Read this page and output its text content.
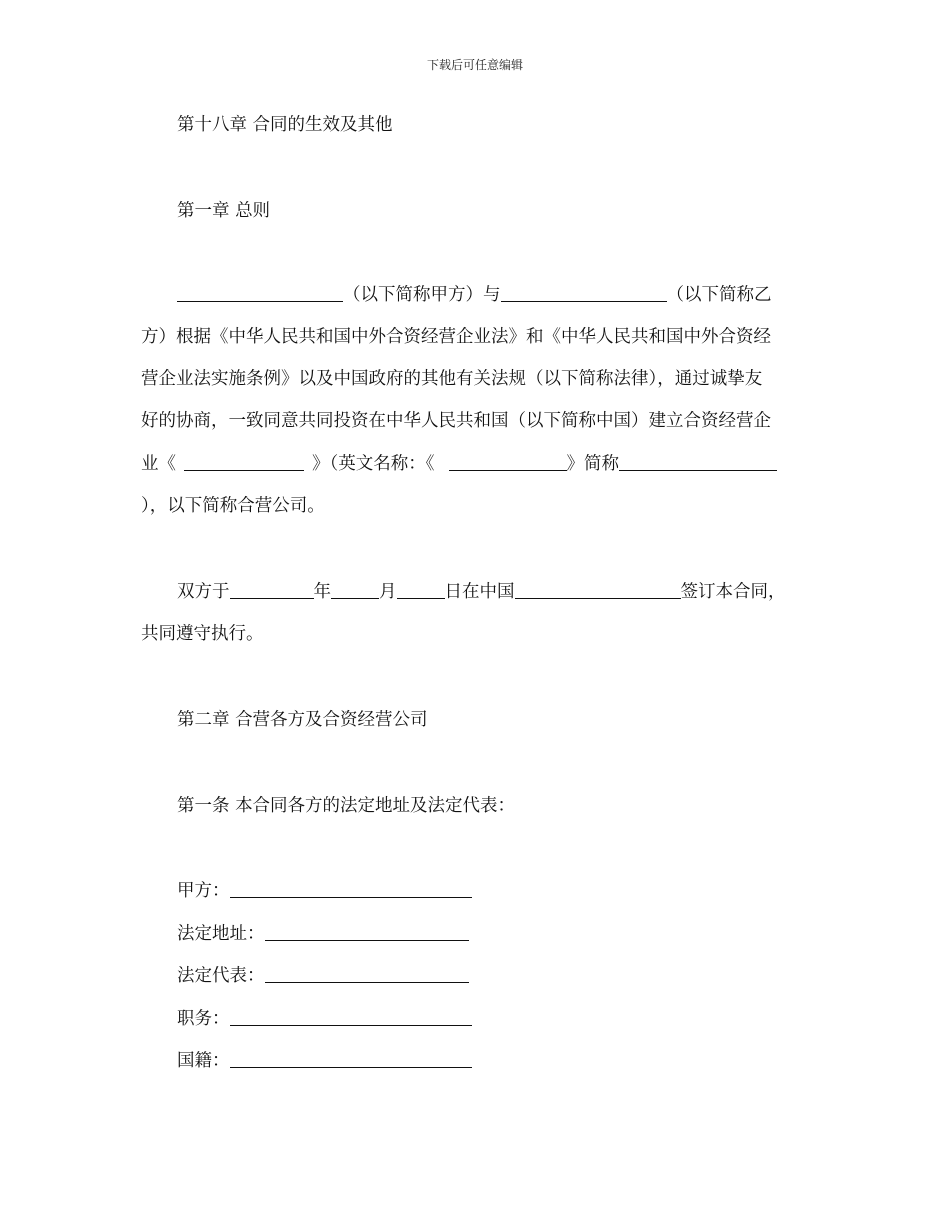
下载后可任意编辑
第十八章 合同的生效及其他
第一章 总则
（以下简称甲方）与	（以下简称乙
方）根据《中华人民共和国中外合资经营企业法》和《中华人民共和国中外合资经
营企业法实施条例》以及中国政府的其他有关法规（以下简称法律），通过诚挚友
好的协商，一致同意共同投资在中华人民共和国（以下简称中国）建立合资经营企
业《	》（英文名称：《	》简称
），以下简称合营公司。
双方于	年	月	日在中国	签订本合同，
共同遵守执行。
第二章 合营各方及合资经营公司
第一条 本合同各方的法定地址及法定代表：
甲方：
法定地址：
法定代表：
职务：
国籍：
